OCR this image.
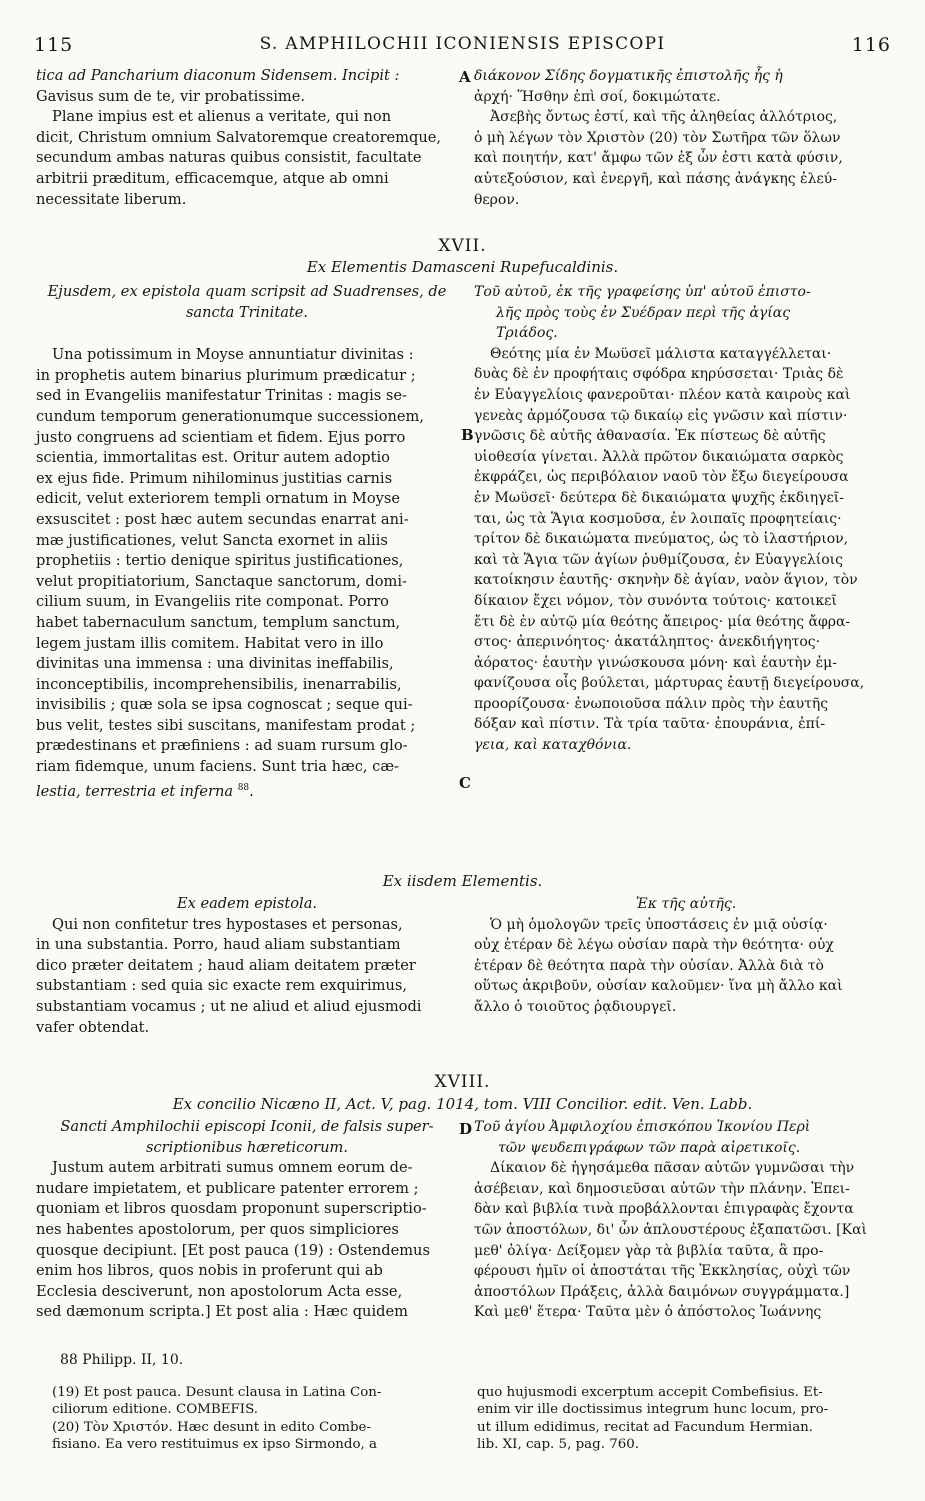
115	S. AMPHILOCHII ICONIENSIS EPISCOPI	116
tica ad Pancharium diaconum Sidensem. Incipit :
Gavisus sum de te, vir probatissime.
Plane impius est et alienus a veritate, qui non
dicit, Christum omnium Salvatoremque creatoremque,
secundum ambas naturas quibus consistit, facultate
arbitrii præditum, efficacemque, atque ab omni
necessitate liberum.
A διάκονον Σίδης δογματικῆς ἐπιστολῆς ἧς ἡ
ἀρχή· Ἥσθην ἐπὶ σοί, δοκιμώτατε.
Ἀσεβὴς ὄντως ἐστί, καὶ τῆς ἀληθείας ἀλλότριος,
ὁ μὴ λέγων τὸν Χριστὸν (20) τὸν Σωτῆρα τῶν ὅλων
καὶ ποιητήν, κατ' ἄμφω τῶν ἐξ ὧν ἐστι κατὰ φύσιν,
αὐτεξούσιον, καὶ ἐνεργῆ, καὶ πάσης ἀνάγκης ἐλεύ-
θερον.
XVII.
Ex Elementis Damasceni Rupefucaldinis.
Ejusdem, ex epistola quam scripsit ad Suadrenses, de
sancta Trinitate.
Una potissimum in Moyse annuntiatur divinitas :
in prophetis autem binarius plurimum prædicatur ;
sed in Evangeliis manifestatur Trinitas : magis se-
cundum temporum generationumque successionem,
justo congruens ad scientiam et fidem. Ejus porro
scientia, immortalitas est. Oritur autem adoptio
ex ejus fide. Primum nihilominus justitias carnis
edicit, velut exteriorem templi ornatum in Moyse
exsuscitet : post hæc autem secundas enarrat ani-
mæ justificationes, velut Sancta exornet in aliis
prophetiis : tertio denique spiritus justificationes,
velut propitiatorium, Sanctaque sanctorum, domi-
cilium suum, in Evangeliis rite componat. Porro
habet tabernaculum sanctum, templum sanctum,
legem justam illis comitem. Habitat vero in illo
divinitas una immensa : una divinitas ineffabilis,
inconceptibilis, incomprehensibilis, inenarrabilis,
invisibilis ; quæ sola se ipsa cognoscat ; seque qui-
bus velit, testes sibi suscitans, manifestam prodat ;
prædestinans et præfiniens : ad suam rursum glo-
riam fidemque, unum faciens. Sunt tria hæc, cæ-
lestia, terrestria et inferna $^{88}$.
B
C
Τοῦ αὐτοῦ, ἐκ τῆς γραφείσης ὑπ' αὐτοῦ ἐπιστο-
λῆς πρὸς τοὺς ἐν Συέδραν περὶ τῆς ἁγίας
Τριάδος.
Θεότης μία ἐν Μωϋσεῖ μάλιστα καταγγέλλεται·
δυὰς δὲ ἐν προφήταις σφόδρα κηρύσσεται· Τριὰς δὲ
ἐν Εὐαγγελίοις φανεροῦται· πλέον κατὰ καιροὺς καὶ
γενεὰς ἁρμόζουσα τῷ δικαίῳ εἰς γνῶσιν καὶ πίστιν·
γνῶσις δὲ αὐτῆς ἀθανασία. Ἐκ πίστεως δὲ αὐτῆς
υἱοθεσία γίνεται. Ἀλλὰ πρῶτον δικαιώματα σαρκὸς
ἐκφράζει, ὡς περιβόλαιον ναοῦ τὸν ἔξω διεγείρουσα
ἐν Μωϋσεῖ· δεύτερα δὲ δικαιώματα ψυχῆς ἐκδιηγεῖ-
ται, ὡς τὰ Ἅγια κοσμοῦσα, ἐν λοιπαῖς προφητείαις·
τρίτον δὲ δικαιώματα πνεύματος, ὡς τὸ ἱλαστήριον,
καὶ τὰ Ἅγια τῶν ἁγίων ῥυθμίζουσα, ἐν Εὐαγγελίοις
κατοίκησιν ἑαυτῆς· σκηνὴν δὲ ἁγίαν, ναὸν ἅγιον, τὸν
δίκαιον ἔχει νόμον, τὸν συνόντα τούτοις· κατοικεῖ
ἔτι δὲ ἐν αὐτῷ μία θεότης ἄπειρος· μία θεότης ἄφρα-
στος· ἀπερινόητος· ἀκατάληπτος· ἀνεκδιήγητος·
ἀόρατος· ἑαυτὴν γινώσκουσα μόνη· καὶ ἑαυτὴν ἐμ-
φανίζουσα οἷς βούλεται, μάρτυρας ἑαυτῇ διεγείρουσα,
προορίζουσα· ἐνωποιοῦσα πάλιν πρὸς τὴν ἑαυτῆς
δόξαν καὶ πίστιν. Τὰ τρία ταῦτα· ἐπουράνια, ἐπί-
γεια, καὶ καταχθόνια.
Ex iisdem Elementis.
Ex eadem epistola.
Qui non confitetur tres hypostases et personas,
in una substantia. Porro, haud aliam substantiam
dico præter deitatem ; haud aliam deitatem præter
substantiam : sed quia sic exacte rem exquirimus,
substantiam vocamus ; ut ne aliud et aliud ejusmodi
vafer obtendat.
Ἐκ τῆς αὐτῆς.
Ὁ μὴ ὁμολογῶν τρεῖς ὑποστάσεις ἐν μιᾷ οὐσίᾳ·
οὐχ ἑτέραν δὲ λέγω οὐσίαν παρὰ τὴν θεότητα· οὐχ
ἑτέραν δὲ θεότητα παρὰ τὴν οὐσίαν. Ἀλλὰ διὰ τὸ
οὕτως ἀκριβοῦν, οὐσίαν καλοῦμεν· ἵνα μὴ ἄλλο καὶ
ἄλλο ὁ τοιοῦτος ῥᾳδιουργεῖ.
XVIII.
Ex concilio Nicæno II, Act. V, pag. 1014, tom. VIII Concilior. edit. Ven. Labb.
Sancti Amphilochii episcopi Iconii, de falsis super-
scriptionibus hæreticorum.
Justum autem arbitrati sumus omnem eorum de-
nudare impietatem, et publicare patenter errorem ;
quoniam et libros quosdam proponunt superscriptio-
nes habentes apostolorum, per quos simpliciores
quosque decipiunt. [Et post pauca (19) : Ostendemus
enim hos libros, quos nobis in proferunt qui ab
Ecclesia desciverunt, non apostolorum Acta esse,
sed dæmonum scripta.] Et post alia : Hæc quidem
D Τοῦ ἁγίου Ἀμφιλοχίου ἐπισκόπου Ἰκονίου Περὶ
τῶν ψευδεπιγράφων τῶν παρὰ αἱρετικοῖς.
Δίκαιον δὲ ἡγησάμεθα πᾶσαν αὐτῶν γυμνῶσαι τὴν
ἀσέβειαν, καὶ δημοσιεῦσαι αὐτῶν τὴν πλάνην. Ἐπει-
δὰν καὶ βιβλία τινὰ προβάλλονται ἐπιγραφὰς ἔχοντα
τῶν ἀποστόλων, δι' ὧν ἁπλουστέρους ἐξαπατῶσι. [Καὶ
μεθ' ὀλίγα· Δείξομεν γὰρ τὰ βιβλία ταῦτα, ἃ προ-
φέρουσι ἡμῖν οἱ ἀποστάται τῆς Ἐκκλησίας, οὐχὶ τῶν
ἀποστόλων Πράξεις, ἀλλὰ δαιμόνων συγγράμματα.]
Καὶ μεθ' ἕτερα· Ταῦτα μὲν ὁ ἀπόστολος Ἰωάννης
88 Philipp. II, 10.
(19) Et post pauca. Desunt clausa in Latina Con-
ciliorum editione. COMBEFIS.
(20) Τὸν Χριστόν. Hæc desunt in edito Combe-
fisiano. Ea vero restituimus ex ipso Sirmondo, a
quo hujusmodi excerptum accepit Combefisius. Et-
enim vir ille doctissimus integrum hunc locum, pro-
ut illum edidimus, recitat ad Facundum Hermian.
lib. XI, cap. 5, pag. 760.
